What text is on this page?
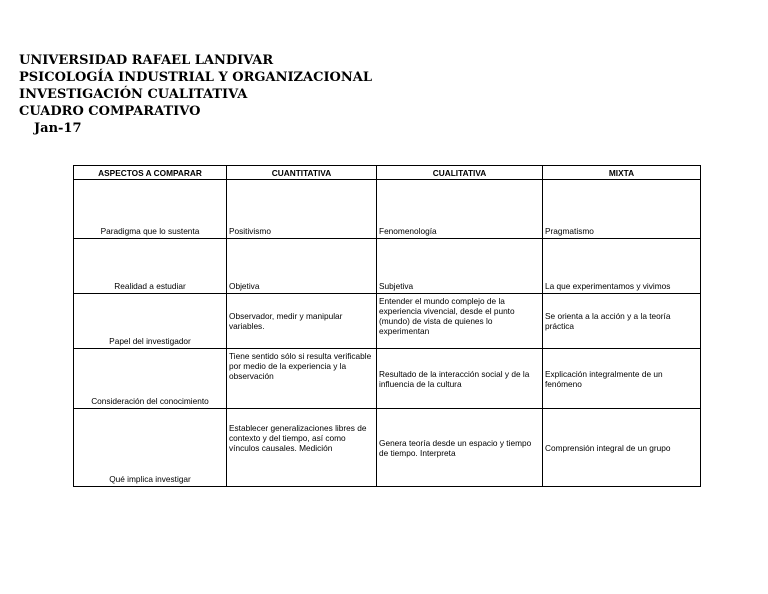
UNIVERSIDAD RAFAEL LANDIVAR
PSICOLOGÍA INDUSTRIAL Y ORGANIZACIONAL
INVESTIGACIÓN CUALITATIVA
CUADRO COMPARATIVO
Jan-17
ASPECTOS A COMPARAR	CUANTITATIVA	CUALITATIVA	MIXTA
Paradigma que lo sustenta	Positivismo	Fenomenología	Pragmatismo
Realidad a estudiar	Objetiva	Subjetiva	La que experimentamos y vivimos
Papel del investigador	Observador, medir y manipular variables.	Entender el mundo complejo de la experiencia vivencial, desde el punto (mundo) de vista de quienes lo experimentan	Se orienta a la acción y a la teoría práctica
Consideración del conocimiento	Tiene sentido sólo si resulta verificable por medio de la experiencia y la observación	Resultado de la interacción social y de la influencia de la cultura	Explicación integralmente de un fenómeno
Qué implica investigar	Establecer generalizaciones libres de contexto y del tiempo, así como vínculos causales. Medición	Genera teoría desde un espacio y tiempo de tiempo. Interpreta	Comprensión integral de un grupo
